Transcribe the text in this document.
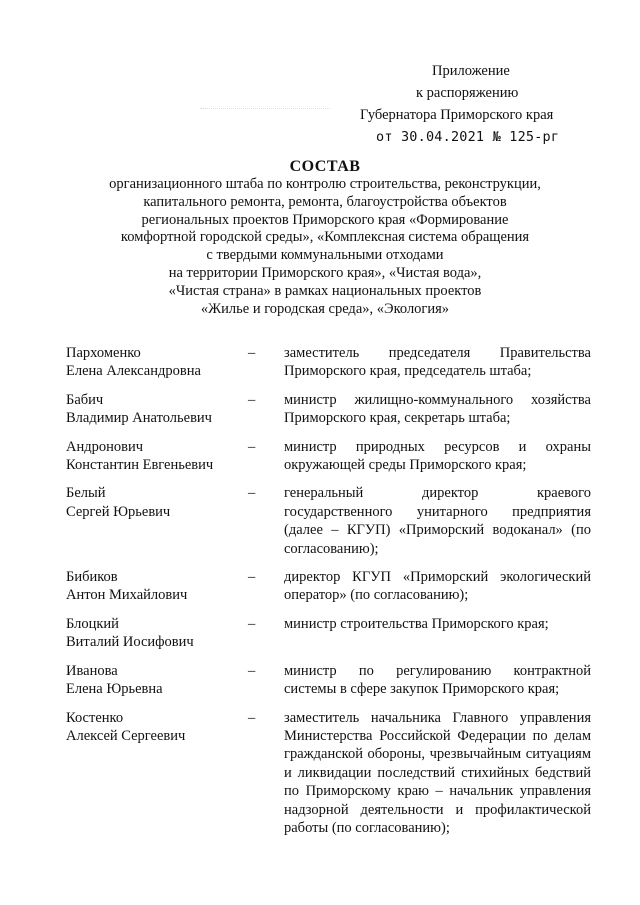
Приложение
к распоряжению
Губернатора Приморского края
от 30.04.2021 № 125-рг
СОСТАВ
организационного штаба по контролю строительства, реконструкции,
капитального ремонта, ремонта, благоустройства объектов
региональных проектов Приморского края «Формирование
комфортной городской среды», «Комплексная система обращения
с твердыми коммунальными отходами
на территории Приморского края», «Чистая вода»,
«Чистая страна» в рамках национальных проектов
«Жилье и городская среда», «Экология»
Пархоменко
Елена Александровна
–	заместитель председателя Правительства Приморского края, председатель штаба;
Бабич
Владимир Анатольевич
–	министр жилищно-коммунального хозяйства Приморского края, секретарь штаба;
Андронович
Константин Евгеньевич
–	министр природных ресурсов и охраны окружающей среды Приморского края;
Белый
Сергей Юрьевич
–	генеральный директор краевого государственного унитарного предприятия (далее – КГУП) «Приморский водоканал» (по согласованию);
Бибиков
Антон Михайлович
–	директор КГУП «Приморский экологический оператор» (по согласованию);
Блоцкий
Виталий Иосифович
–	министр строительства Приморского края;
Иванова
Елена Юрьевна
–	министр по регулированию контрактной системы в сфере закупок Приморского края;
Костенко
Алексей Сергеевич
–	заместитель начальника Главного управления Министерства Российской Федерации по делам гражданской обороны, чрезвычайным ситуациям и ликвидации последствий стихийных бедствий по Приморскому краю – начальник управления надзорной деятельности и профилактической работы (по согласованию);
